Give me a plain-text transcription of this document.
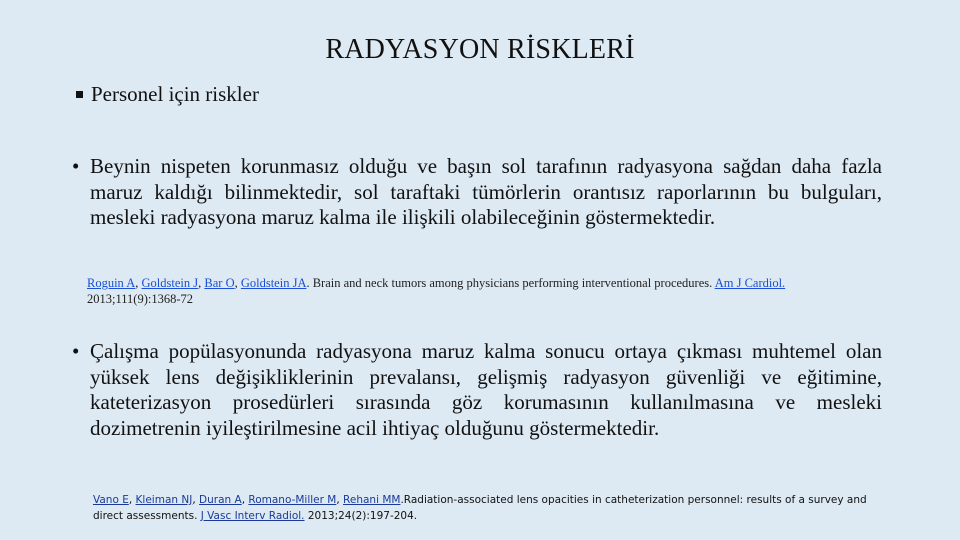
RADYASYON RİSKLERİ
Personel için riskler
• Beynin nispeten korunmasız olduğu ve başın sol tarafının radyasyona sağdan daha fazla maruz kaldığı bilinmektedir, sol taraftaki tümörlerin orantısız raporlarının bu bulguları, mesleki radyasyona maruz kalma ile ilişkili olabileceğinin göstermektedir.
Roguin A, Goldstein J, Bar O, Goldstein JA. Brain and neck tumors among physicians performing interventional procedures. Am J Cardiol.
2013;111(9):1368-72
• Çalışma popülasyonunda radyasyona maruz kalma sonucu ortaya çıkması muhtemel olan yüksek lens değişikliklerinin prevalansı, gelişmiş radyasyon güvenliği ve eğitimine, kateterizasyon prosedürleri sırasında göz korumasının kullanılmasına ve mesleki dozimetrenin iyileştirilmesine acil ihtiyaç olduğunu göstermektedir.
Vano E, Kleiman NJ, Duran A, Romano-Miller M, Rehani MM.Radiation-associated lens opacities in catheterization personnel: results of a survey and direct assessments. J Vasc Interv Radiol. 2013;24(2):197-204.
